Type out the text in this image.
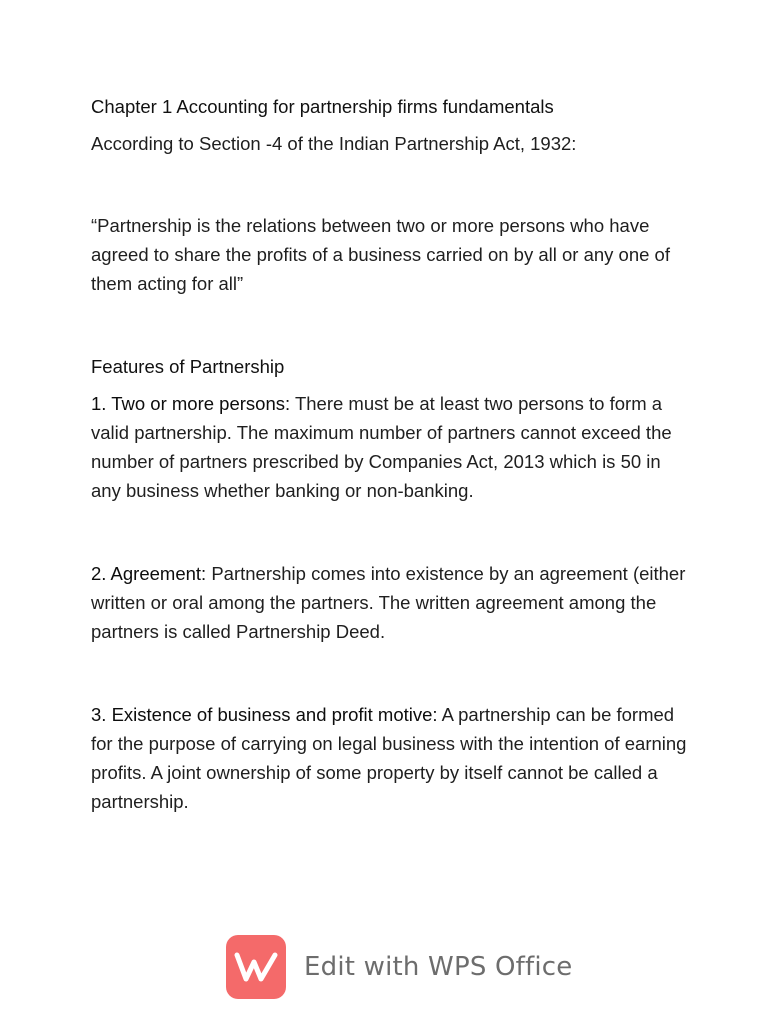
Chapter 1 Accounting for partnership firms fundamentals

According to Section -4 of the Indian Partnership Act, 1932:

“Partnership is the relations between two or more persons who have agreed to share the profits of a business carried on by all or any one of them acting for all”

Features of Partnership

1. Two or more persons: There must be at least two persons to form a valid partnership. The maximum number of partners cannot exceed the number of partners prescribed by Companies Act, 2013 which is 50 in any business whether banking or non-banking.

2. Agreement: Partnership comes into existence by an agreement (either written or oral among the partners. The written agreement among the partners is called Partnership Deed.

3. Existence of business and profit motive: A partnership can be formed for the purpose of carrying on legal business with the intention of earning profits. A joint ownership of some property by itself cannot be called a partnership.

Edit with WPS Office
